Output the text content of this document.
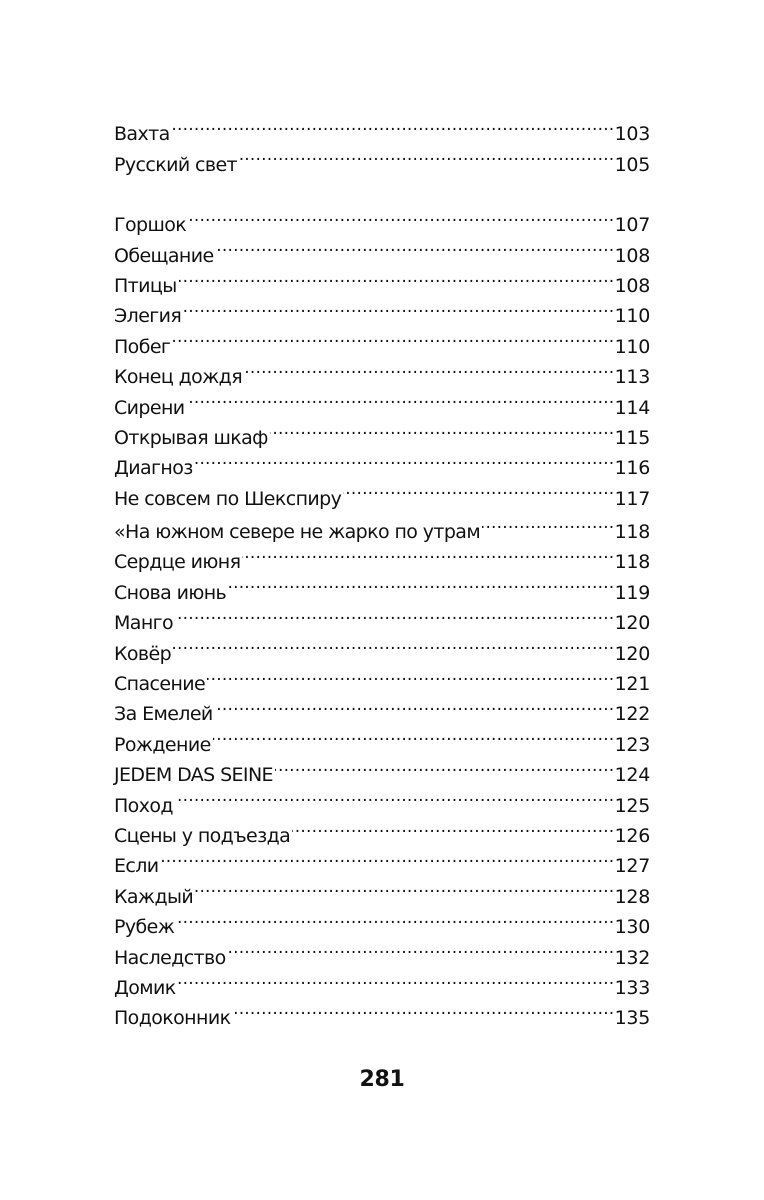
Вахта . . .	103
Русский свет . . .	105
Горшок . . .	107
Обещание . . .	108
Птицы . . .	108
Элегия . . .	110
Побег . . .	110
Конец дождя . . .	113
Сирени . . .	114
Открывая шкаф . . .	115
Диагноз . . .	116
Не совсем по Шекспиру . . .	117
«На южном севере не жарко по утрам . . .	118
Сердце июня . . .	118
Снова июнь . . .	119
Манго . . .	120
Ковёр . . .	120
Спасение . . .	121
За Емелей . . .	122
Рождение . . .	123
JEDEM DAS SEINE . . .	124
Поход . . .	125
Сцены у подъезда . . .	126
Если . . .	127
Каждый . . .	128
Рубеж . . .	130
Наследство . . .	132
Домик . . .	133
Подоконник . . .	135
281
